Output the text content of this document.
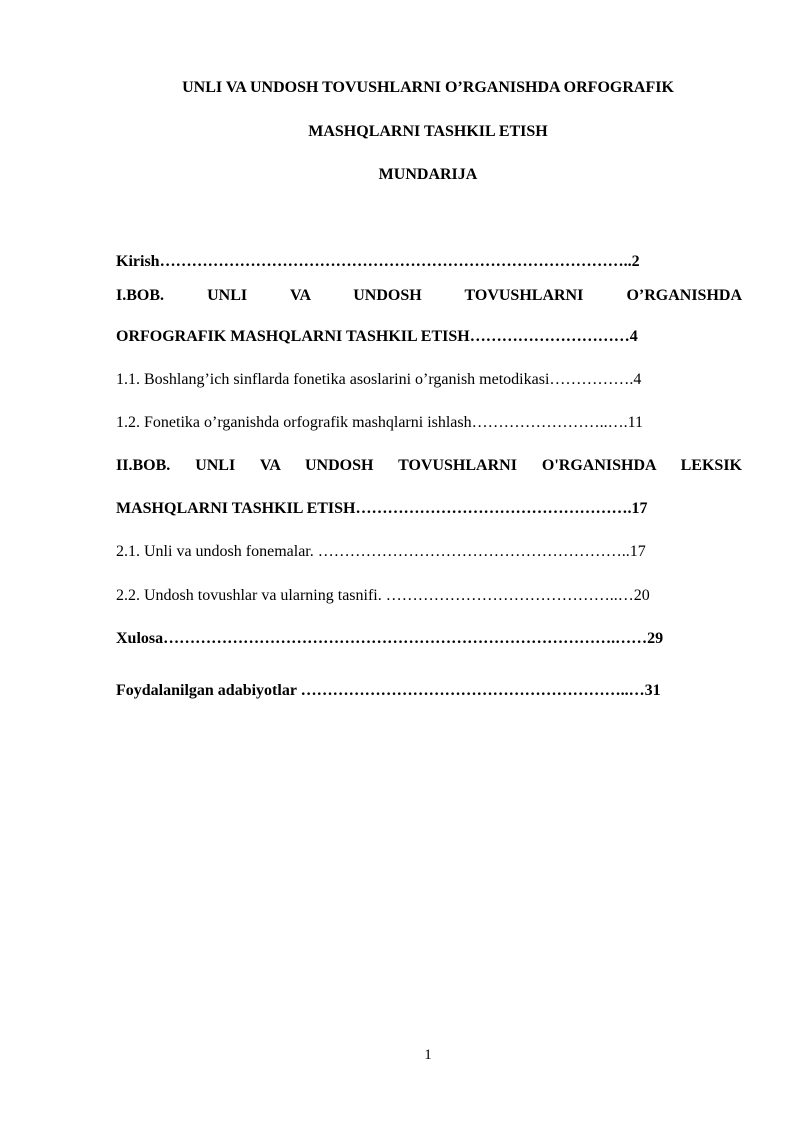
UNLI VA UNDOSH TOVUSHLARNI O’RGANISHDA ORFOGRAFIK
MASHQLARNI TASHKIL ETISH
MUNDARIJA
Kirish……………………………………………………………………………..2
I.BOB. UNLI VA UNDOSH TOVUSHLARNI O’RGANISHDA
ORFOGRAFIK MASHQLARNI TASHKIL ETISH…………………………4
1.1. Boshlang’ich sinflarda fonetika asoslarini o’rganish metodikasi…………….4
1.2. Fonetika o’rganishda orfografik mashqlarni ishlash……………………..….11
II.BOB. UNLI VA UNDOSH TOVUSHLARNI O'RGANISHDA LEKSIK
MASHQLARNI TASHKIL ETISH…………………………………………….17
2.1. Unli va undosh fonemalar. …………………………………………………..17
2.2. Undosh tovushlar va ularning tasnifi. ……………………………………..…20
Xulosa………………………………………………………………………….……29
Foydalanilgan adabiyotlar ……………………………………………………..…31
1
